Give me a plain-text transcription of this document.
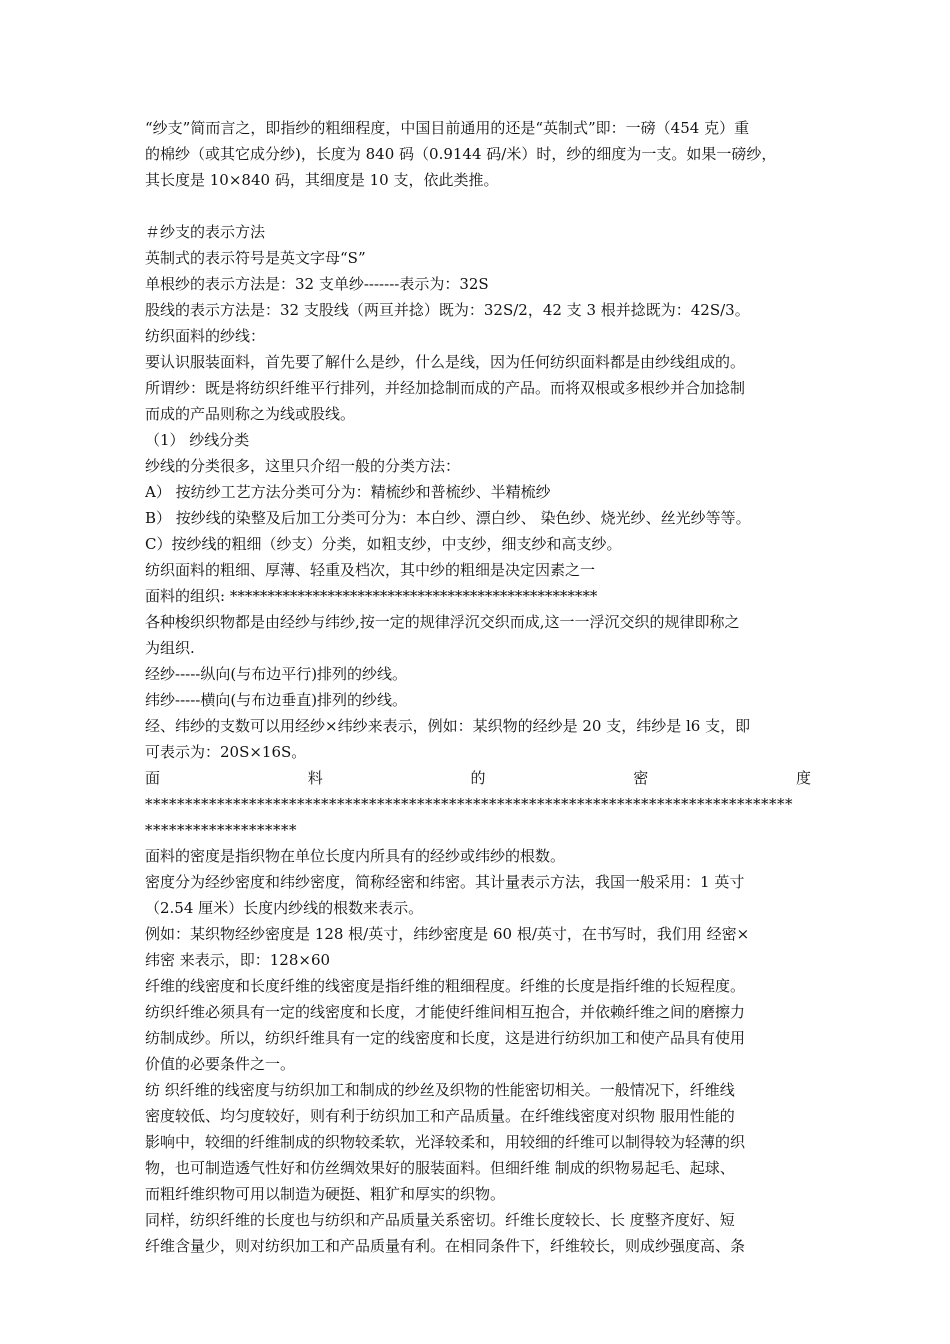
“纱支”简而言之，即指纱的粗细程度，中国目前通用的还是“英制式”即：一磅（454 克）重
的棉纱（或其它成分纱)，长度为 840 码（0.9144 码/米）时，纱的细度为一支。如果一磅纱，
其长度是 10×840 码，其细度是 10 支，依此类推。
＃纱支的表示方法
英制式的表示符号是英文字母“S”
单根纱的表示方法是：32 支单纱-------表示为：32S
股线的表示方法是：32 支股线（两亘并捻）既为：32S/2，42 支 3 根并捻既为：42S/3。
纺织面料的纱线：
要认识服装面料，首先要了解什么是纱，什么是线，因为任何纺织面料都是由纱线组成的。
所谓纱：既是将纺织纤维平行排列，并经加捻制而成的产品。而将双根或多根纱并合加捻制
而成的产品则称之为线或股线。
（1） 纱线分类
纱线的分类很多，这里只介绍一般的分类方法：
A） 按纺纱工艺方法分类可分为：精梳纱和普梳纱、半精梳纱
B） 按纱线的染整及后加工分类可分为：本白纱、漂白纱、 染色纱、烧光纱、丝光纱等等。
C）按纱线的粗细（纱支）分类，如粗支纱，中支纱，细支纱和高支纱。
纺织面料的粗细、厚薄、轻重及档次，其中纱的粗细是决定因素之一
面料的组织: *************************************************
各种梭织织物都是由经纱与纬纱,按一定的规律浮沉交织而成,这一一浮沉交织的规律即称之
为组织.
经纱-----纵向(与布边平行)排列的纱线。
纬纱-----横向(与布边垂直)排列的纱线。
经、纬纱的支数可以用经纱×纬纱来表示，例如：某织物的经纱是 20 支，纬纱是 l6 支，即
可表示为：20S×16S。
面	料	的	密	度
*********************************************************************************
*******************
面料的密度是指织物在单位长度内所具有的经纱或纬纱的根数。
密度分为经纱密度和纬纱密度，简称经密和纬密。其计量表示方法，我国一般采用：1 英寸
（2.54 厘米）长度内纱线的根数来表示。
例如：某织物经纱密度是 128 根/英寸，纬纱密度是 60 根/英寸，在书写时，我们用 经密×
纬密 来表示，即：128×60
纤维的线密度和长度纤维的线密度是指纤维的粗细程度。纤维的长度是指纤维的长短程度。
纺织纤维必须具有一定的线密度和长度，才能使纤维间相互抱合，并依赖纤维之间的磨擦力
纺制成纱。所以，纺织纤维具有一定的线密度和长度，这是进行纺织加工和使产品具有使用
价值的必要条件之一。
纺 织纤维的线密度与纺织加工和制成的纱丝及织物的性能密切相关。一般情况下，纤维线
密度较低、均匀度较好，则有利于纺织加工和产品质量。在纤维线密度对织物 服用性能的
影响中，较细的纤维制成的织物较柔软，光泽较柔和，用较细的纤维可以制得较为轻薄的织
物，也可制造透气性好和仿丝绸效果好的服装面料。但细纤维 制成的织物易起毛、起球、
而粗纤维织物可用以制造为硬挺、粗犷和厚实的织物。
同样，纺织纤维的长度也与纺织和产品质量关系密切。纤维长度较长、长 度整齐度好、短
纤维含量少，则对纺织加工和产品质量有利。在相同条件下，纤维较长，则成纱强度高、条
